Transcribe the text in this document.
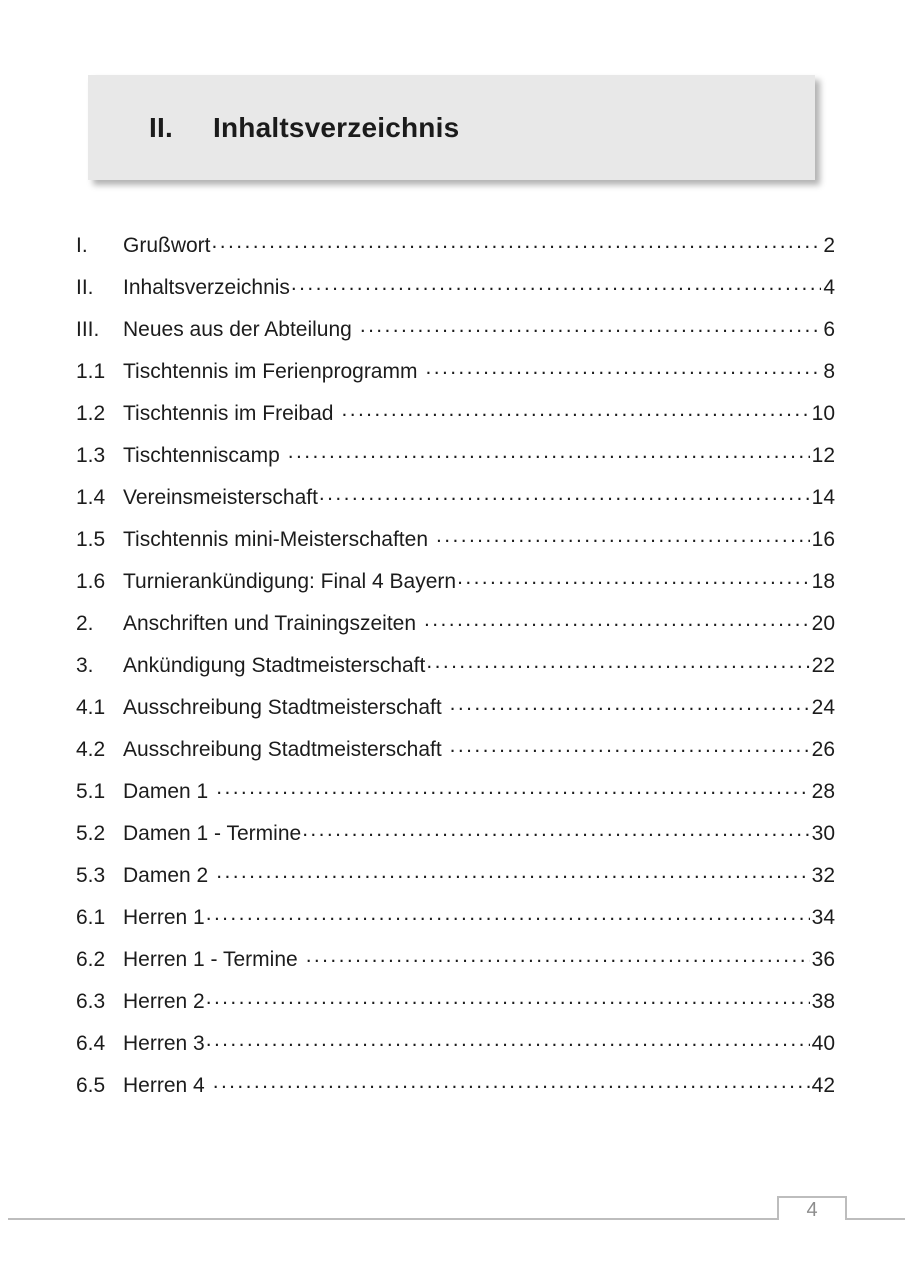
II.	Inhaltsverzeichnis
I.	Grußwort .....	2
II.	Inhaltsverzeichnis .....	4
III.	Neues aus der Abteilung .....	6
1.1 Tischtennis im Ferienprogramm .....	8
1.2 Tischtennis im Freibad .....	10
1.3 Tischtenniscamp .....	12
1.4 Vereinsmeisterschaft .....	14
1.5 Tischtennis mini-Meisterschaften .....	16
1.6 Turnierankündigung: Final 4 Bayern .....	18
2.	Anschriften und Trainingszeiten .....	20
3.	Ankündigung Stadtmeisterschaft .....	22
4.1 Ausschreibung Stadtmeisterschaft .....	24
4.2 Ausschreibung Stadtmeisterschaft .....	26
5.1 Damen 1 .....	28
5.2 Damen 1 - Termine .....	30
5.3 Damen 2 .....	32
6.1 Herren 1 .....	34
6.2 Herren 1 - Termine .....	36
6.3 Herren 2 .....	38
6.4 Herren 3 .....	40
6.5 Herren 4 .....	42
4
